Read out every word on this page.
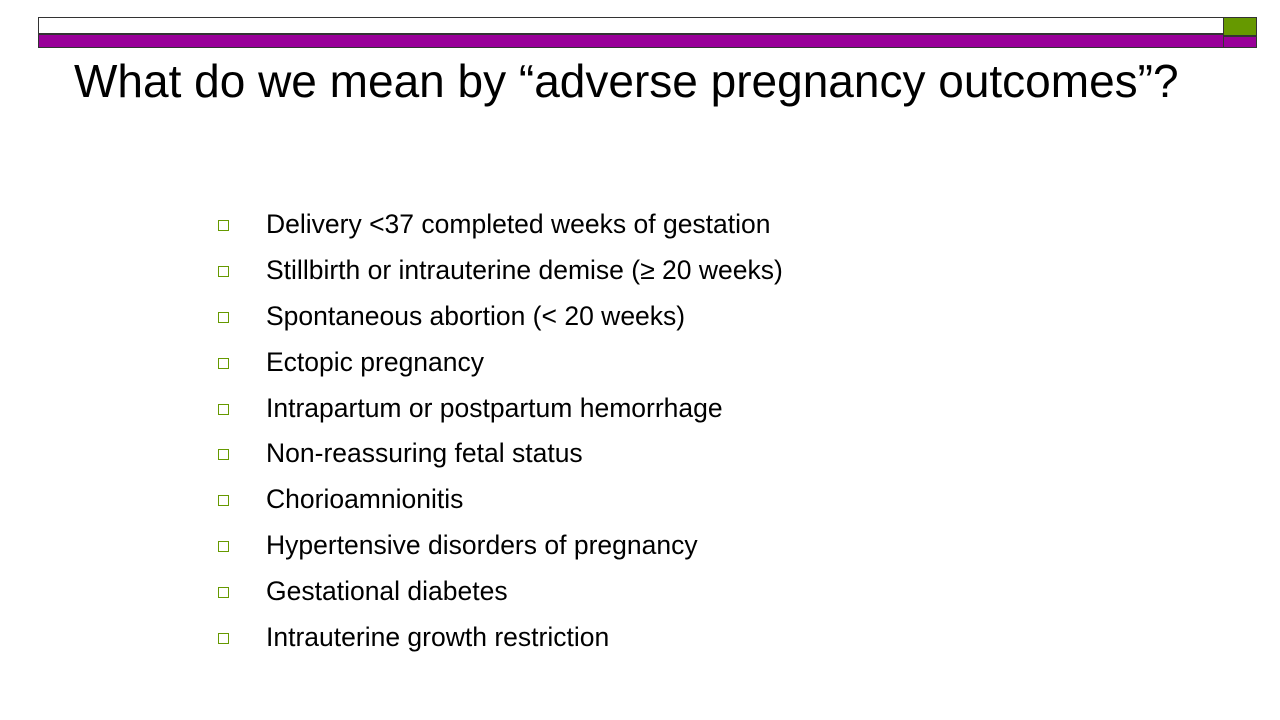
What do we mean by “adverse pregnancy outcomes”?
Delivery <37 completed weeks of gestation
Stillbirth or intrauterine demise (≥ 20 weeks)
Spontaneous abortion (< 20 weeks)
Ectopic pregnancy
Intrapartum or postpartum hemorrhage
Non-reassuring fetal status
Chorioamnionitis
Hypertensive disorders of pregnancy
Gestational diabetes
Intrauterine growth restriction
